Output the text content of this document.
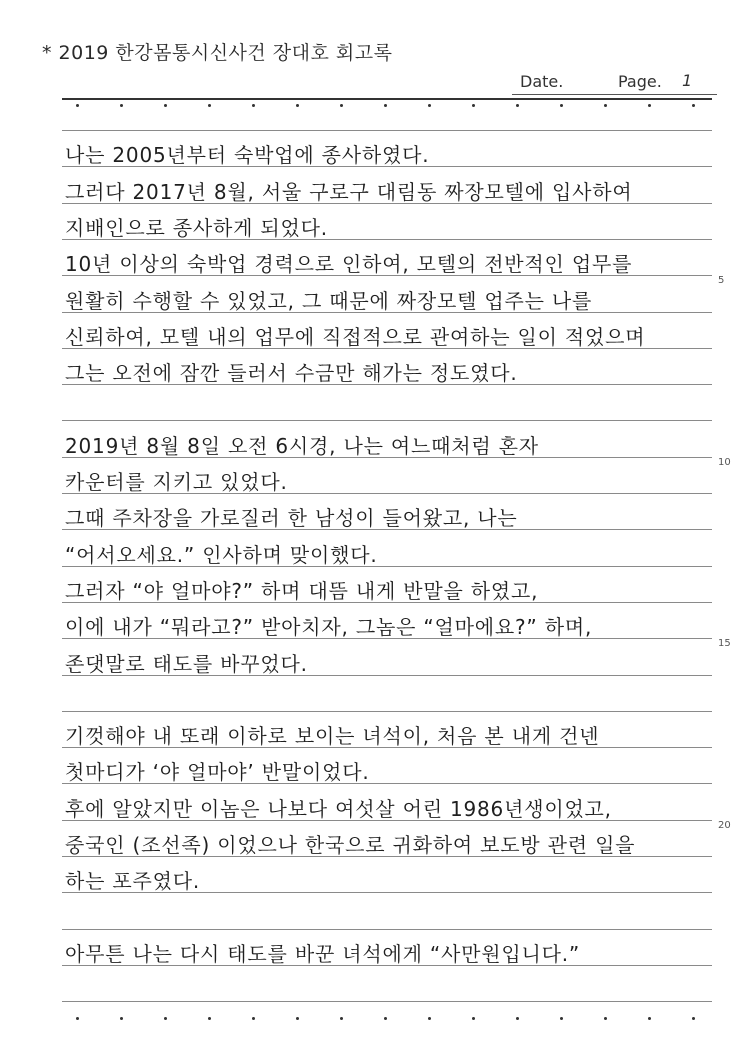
* 2019 한강몸통시신사건 장대호 회고록
Date.	Page. 1
나는 2005년부터 숙박업에 종사하였다.
그러다 2017년 8월, 서울 구로구 대림동 짜장모텔에 입사하여
지배인으로 종사하게 되었다.
10년 이상의 숙박업 경력으로 인하여, 모텔의 전반적인 업무를
원활히 수행할 수 있었고, 그 때문에 짜장모텔 업주는 나를
신뢰하여, 모텔 내의 업무에 직접적으로 관여하는 일이 적었으며
그는 오전에 잠깐 들러서 수금만 해가는 정도였다.
2019년 8월 8일 오전 6시경, 나는 여느때처럼 혼자
카운터를 지키고 있었다.
그때 주차장을 가로질러 한 남성이 들어왔고, 나는
“어서오세요.” 인사하며 맞이했다.
그러자 “야 얼마야?” 하며 대뜸 내게 반말을 하였고,
이에 내가 “뭐라고?” 받아치자, 그놈은 “얼마에요?” 하며,
존댓말로 태도를 바꾸었다.
기껏해야 내 또래 이하로 보이는 녀석이, 처음 본 내게 건넨
첫마디가 ‘야 얼마야’ 반말이었다.
후에 알았지만 이놈은 나보다 여섯살 어린 1986년생이었고,
중국인 (조선족) 이었으나 한국으로 귀화하여 보도방 관련 일을
하는 포주였다.
아무튼 나는 다시 태도를 바꾼 녀석에게 “사만원입니다.”
5
10
15
20
